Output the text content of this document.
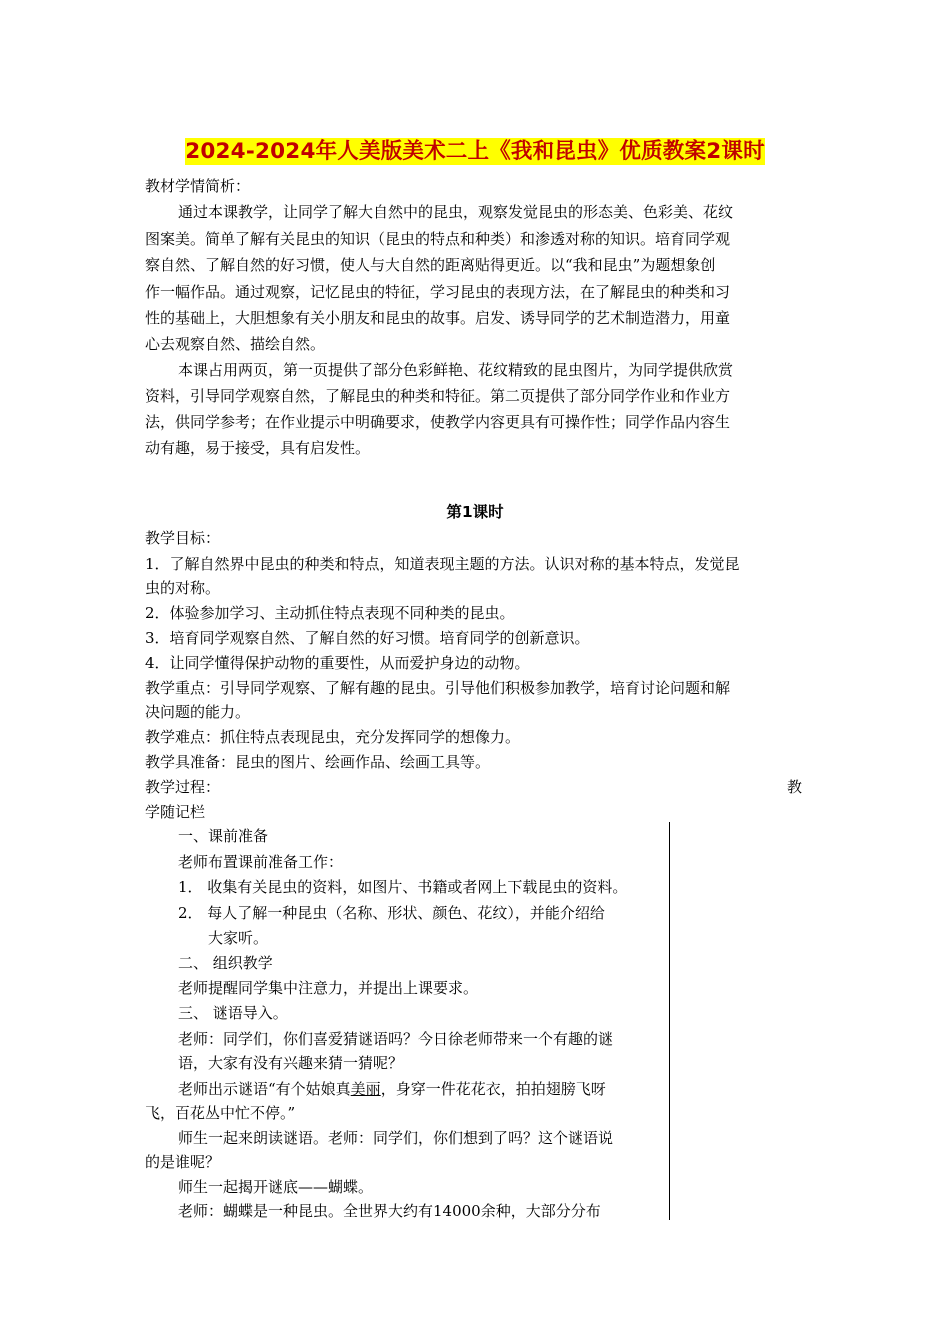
2024-2024年人美版美术二上《我和昆虫》优质教案2课时
教材学情简析：
通过本课教学，让同学了解大自然中的昆虫，观察发觉昆虫的形态美、色彩美、花纹
图案美。简单了解有关昆虫的知识（昆虫的特点和种类）和渗透对称的知识。培育同学观
察自然、了解自然的好习惯，使人与大自然的距离贴得更近。以“我和昆虫”为题想象创
作一幅作品。通过观察，记忆昆虫的特征，学习昆虫的表现方法，在了解昆虫的种类和习
性的基础上，大胆想象有关小朋友和昆虫的故事。启发、诱导同学的艺术制造潜力，用童
心去观察自然、描绘自然。
本课占用两页，第一页提供了部分色彩鲜艳、花纹精致的昆虫图片，为同学提供欣赏
资料，引导同学观察自然，了解昆虫的种类和特征。第二页提供了部分同学作业和作业方
法，供同学参考；在作业提示中明确要求，使教学内容更具有可操作性；同学作品内容生
动有趣，易于接受，具有启发性。
第1课时
教学目标：
1．了解自然界中昆虫的种类和特点，知道表现主题的方法。认识对称的基本特点，发觉昆
虫的对称。
2．体验参加学习、主动抓住特点表现不同种类的昆虫。
3．培育同学观察自然、了解自然的好习惯。培育同学的创新意识。
4．让同学懂得保护动物的重要性，从而爱护身边的动物。
教学重点：引导同学观察、了解有趣的昆虫。引导他们积极参加教学，培育讨论问题和解
决问题的能力。
教学难点：抓住特点表现昆虫，充分发挥同学的想像力。
教学具准备：昆虫的图片、绘画作品、绘画工具等。
教学过程：	教
学随记栏
一、课前准备
老师布置课前准备工作：
1． 收集有关昆虫的资料，如图片、书籍或者网上下载昆虫的资料。
2． 每人了解一种昆虫（名称、形状、颜色、花纹），并能介绍给
大家听。
二、 组织教学
老师提醒同学集中注意力，并提出上课要求。
三、 谜语导入。
老师：同学们，你们喜爱猜谜语吗？今日徐老师带来一个有趣的谜
语，大家有没有兴趣来猜一猜呢？
老师出示谜语“有个姑娘真美丽，身穿一件花花衣，拍拍翅膀飞呀
飞，百花丛中忙不停。”
师生一起来朗读谜语。老师：同学们，你们想到了吗？这个谜语说
的是谁呢？
师生一起揭开谜底——蝴蝶。
老师：蝴蝶是一种昆虫。全世界大约有14000余种，大部分分布
